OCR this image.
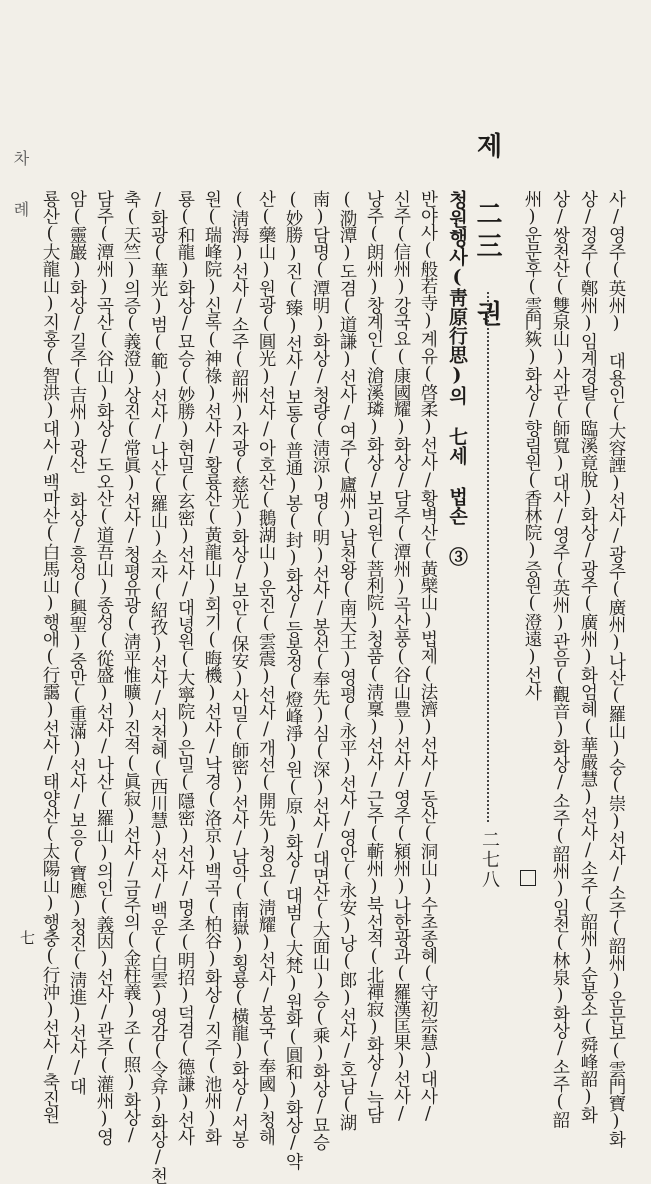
제 二三 권
二七八
청원행사(靑原行思)의 七세 법손 ③	사/영주(英州) 대용인(大容諲)선사/광주(廣州)나산(羅山)숭(崇)선사/소주(韶州)운문보(雲門寶)화
상/정주(鄭州)임계경탈(臨溪竟脫)화상/광주(廣州)화엄혜(華嚴慧)선사/소주(韶州)순봉소(舜峰韶)화
상/쌍천산(雙泉山)사관(師寬)대사/영주(英州)관음(觀音)화상/소주(韶州)임천(林泉)화상/소주(韶
州)운문후(雲門㷇)화상/향림원(香林院)증원(澄遠)선사
반야사(般若寺)계유(啓柔)선사/황벽산(黃檗山)법제(法濟)선사/동산(洞山)수초종혜(守初宗慧)대사/
신주(信州)강국요(康國耀)화상/담주(潭州)곡산풍(谷山豊)선사/영주(潁州)나한광과(羅漢匡果)선사/
낭주(朗州)창계인(滄溪璘)화상/보리원(菩利院)청품(淸稟)선사/근주(蘄州)북선적(北禪寂)화상/늑담
(泐潭)도겸(道謙)선사/여주(廬州)남천왕(南天王)영평(永平)선사/영안(永安)낭(郎)선사/호남(湖
南)담명(潭明)화상/청량(淸涼)명(明)선사/봉선(奉先)심(深)선사/대면산(大面山)승(乘)화상/묘승
(妙勝)진(臻)선사/보통(普通)봉(封)화상/등봉정(燈峰淨)원(原)화상/대범(大梵)원화(圓和)화상/약
산(藥山)원광(圓光)선사/아호산(鵝湖山)운진(雲震)선사/개선(開先)청요(淸耀)선사/봉국(奉國)청해
(淸海)선사/소주(韶州)자광(慈光)화상/보안(保安)사밀(師密)선사/남악(南嶽)횡룡(橫龍)화상/서봉
원(瑞峰院)신록(神祿)선사/황룡산(黃龍山)회기(晦機)선사/낙경(洛京)백곡(柏谷)화상/지주(池州)화
룡(和龍)화상/묘승(妙勝)현밀(玄密)선사/대녕원(大寧院)은밀(隱密)선사/명초(明招)덕겸(德謙)선사
/화광(華光)범(範)선사/나산(羅山)소자(紹孜)선사/서천혜(西川慧)선사/백운(白雲)영감(令弇)화상/천
축(天竺)의증(義澄)상진(常眞)선사/청평유광(淸平惟曠)진적(眞寂)선사/금주의(金柱義)조(照)화상/
담주(潭州)곡산(谷山)화상/도오산(道吾山)종성(從盛)선사/나산(羅山)의인(義因)선사/관주(灌州)영
암(靈巖)화상/길주(吉州)광산 화상/흥성(興聖)중만(重滿)선사/보응(寶應)청진(淸進)선사/대
룡산(大龍山)지홍(智洪)대사/백마산(白馬山)행애(行靄)선사/태양산(太陽山)행충(行沖)선사/축진원
차 례
七
